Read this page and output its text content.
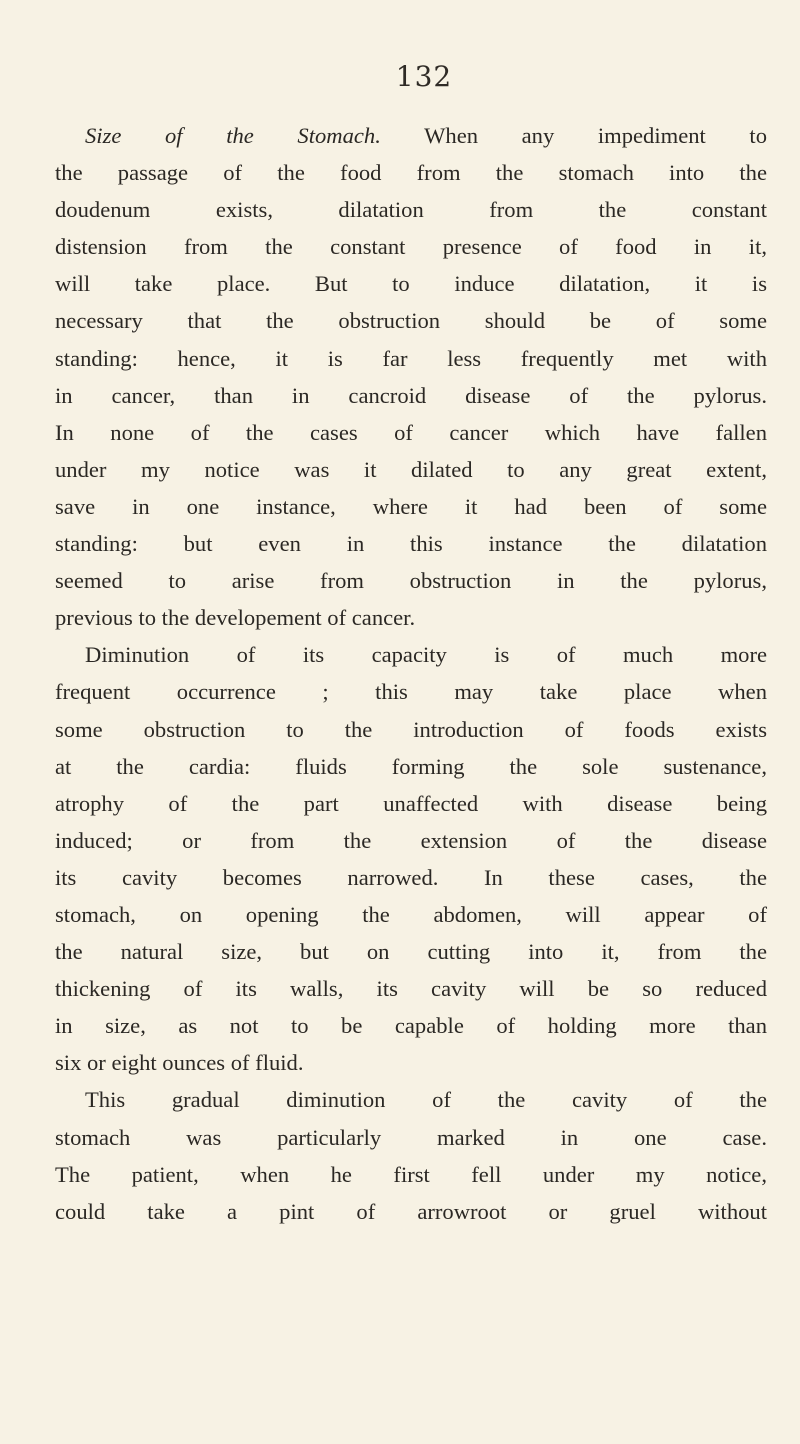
132
Size of the Stomach. When any impediment to
the passage of the food from the stomach into the
doudenum exists, dilatation from the constant
distension from the constant presence of food in it,
will take place. But to induce dilatation, it is
necessary that the obstruction should be of some
standing: hence, it is far less frequently met with
in cancer, than in cancroid disease of the pylorus.
In none of the cases of cancer which have fallen
under my notice was it dilated to any great extent,
save in one instance, where it had been of some
standing: but even in this instance the dilatation
seemed to arise from obstruction in the pylorus,
previous to the developement of cancer.
Diminution of its capacity is of much more
frequent occurrence ; this may take place when
some obstruction to the introduction of foods exists
at the cardia: fluids forming the sole sustenance,
atrophy of the part unaffected with disease being
induced; or from the extension of the disease
its cavity becomes narrowed. In these cases, the
stomach, on opening the abdomen, will appear of
the natural size, but on cutting into it, from the
thickening of its walls, its cavity will be so reduced
in size, as not to be capable of holding more than
six or eight ounces of fluid.
This gradual diminution of the cavity of the
stomach was particularly marked in one case.
The patient, when he first fell under my notice,
could take a pint of arrowroot or gruel without
